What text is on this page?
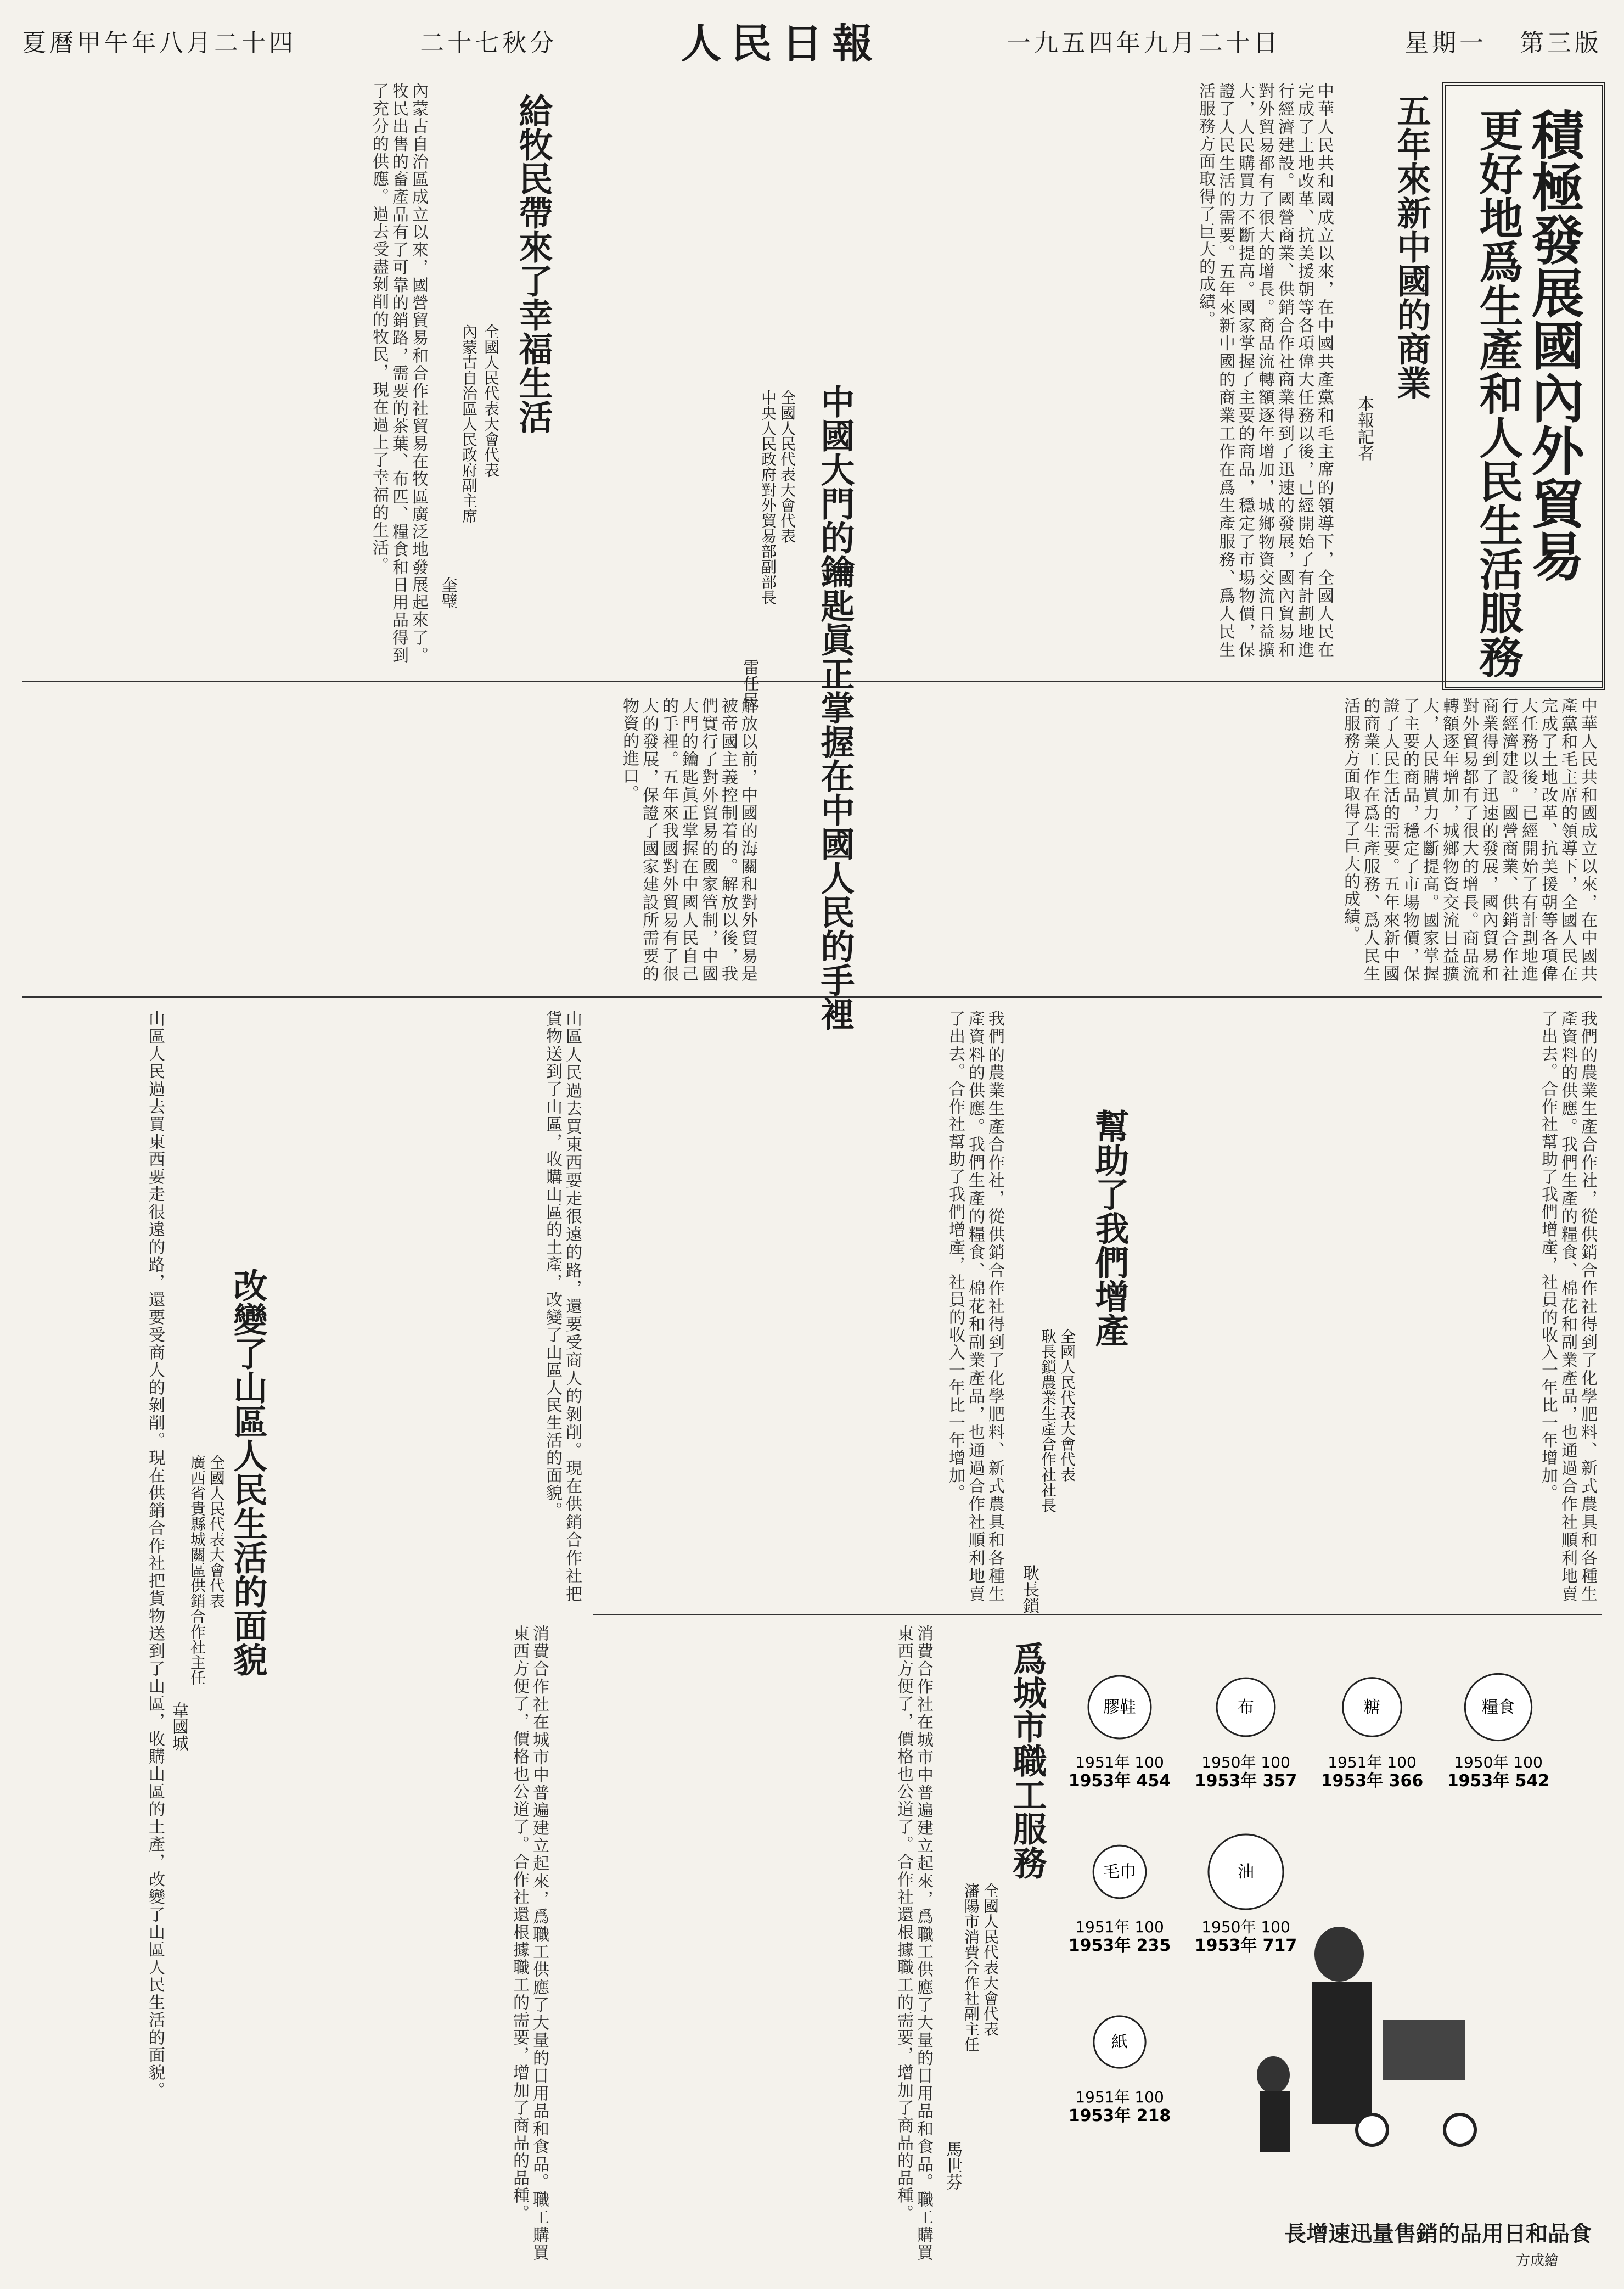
夏曆甲午年八月二十四	二十七秋分	人民日報	一九五四年九月二十日	星期一 第三版
積極發展國內外貿易
更好地爲生產和人民生活服務
五年來新中國的商業
本報記者
中華人民共和國成立以來，在中國共產黨和毛主席的領導下，全國人民在完成了土地改革、抗美援朝等各項偉大任務以後，已經開始了有計劃地進行經濟建設。國營商業、供銷合作社商業得到了迅速的發展，國內貿易和對外貿易都有了很大的增長。商品流轉額逐年增加，城鄉物資交流日益擴大，人民購買力不斷提高。國家掌握了主要的商品，穩定了市場物價，保證了人民生活的需要。五年來新中國的商業工作在爲生產服務、爲人民生活服務方面取得了巨大的成績。
中華人民共和國成立以來，在中國共產黨和毛主席的領導下，全國人民在完成了土地改革、抗美援朝等各項偉大任務以後，已經開始了有計劃地進行經濟建設。國營商業、供銷合作社商業得到了迅速的發展，國內貿易和對外貿易都有了很大的增長。商品流轉額逐年增加，城鄉物資交流日益擴大，人民購買力不斷提高。國家掌握了主要的商品，穩定了市場物價，保證了人民生活的需要。五年來新中國的商業工作在爲生產服務、爲人民生活服務方面取得了巨大的成績。
給牧民帶來了幸福生活
全國人民代表大會代表
內蒙古自治區人民政府副主席
奎璧
內蒙古自治區成立以來，國營貿易和合作社貿易在牧區廣泛地發展起來了。牧民出售的畜產品有了可靠的銷路，需要的茶葉、布匹、糧食和日用品得到了充分的供應。過去受盡剝削的牧民，現在過上了幸福的生活。
中國大門的鑰匙眞正掌握在中國人民的手裡
全國人民代表大會代表
中央人民政府對外貿易部副部長
雷任民
解放以前，中國的海關和對外貿易是被帝國主義控制着的。解放以後，我們實行了對外貿易的國家管制，中國大門的鑰匙眞正掌握在中國人民自己的手裡。五年來我國對外貿易有了很大的發展，保證了國家建設所需要的物資的進口。
幫助了我們增產
全國人民代表大會代表
耿長鎖農業生產合作社社長
耿長鎖	我們的農業生產合作社，從供銷合作社得到了化學肥料、新式農具和各種生產資料的供應。我們生產的糧食、棉花和副業產品，也通過合作社順利地賣了出去。合作社幫助了我們增產，社員的收入一年比一年增加。
我們的農業生產合作社，從供銷合作社得到了化學肥料、新式農具和各種生產資料的供應。我們生產的糧食、棉花和副業產品，也通過合作社順利地賣了出去。合作社幫助了我們增產，社員的收入一年比一年增加。
改變了山區人民生活的面貌
全國人民代表大會代表
廣西省貴縣城關區供銷合作社主任
韋國城
山區人民過去買東西要走很遠的路，還要受商人的剝削。現在供銷合作社把貨物送到了山區，收購山區的土產，改變了山區人民生活的面貌。
山區人民過去買東西要走很遠的路，還要受商人的剝削。現在供銷合作社把貨物送到了山區，收購山區的土產，改變了山區人民生活的面貌。	爲城市職工服務
全國人民代表大會代表
瀋陽市消費合作社副主任
馬世芬
消費合作社在城市中普遍建立起來，爲職工供應了大量的日用品和食品。職工購買東西方便了，價格也公道了。合作社還根據職工的需要，增加了商品的品種。
消費合作社在城市中普遍建立起來，爲職工供應了大量的日用品和食品。職工購買東西方便了，價格也公道了。合作社還根據職工的需要，增加了商品的品種。	糧食
1950年 100
1953年 542
糖
1951年 100
1953年 366
布
1950年 100
1953年 357
膠鞋
1951年 100
1953年 454
油
1950年 100
1953年 717
毛巾
1951年 100
1953年 235
紙
1951年 100
1953年 218
長增速迅量售銷的品用日和品食
方成繪
